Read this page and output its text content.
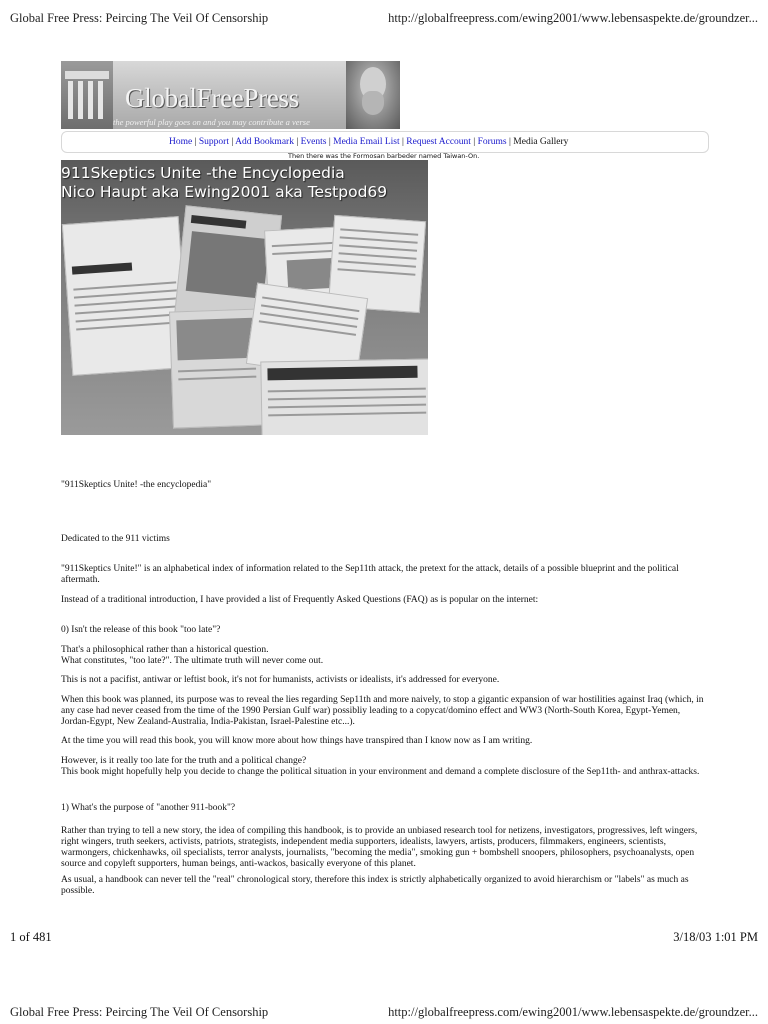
Global Free Press: Peircing The Veil Of Censorship	http://globalfreepress.com/ewing2001/www.lebensaspekte.de/groundzer...
GlobalFreePress
the powerful play goes on and you may contribute a verse
Home | Support | Add Bookmark | Events | Media Email List | Request Account | Forums | Media Gallery
Then there was the Formosan barbeder named Taiwan-On.
911Skeptics Unite -the Encyclopedia
Nico Haupt aka Ewing2001 aka Testpod69
"911Skeptics Unite! -the encyclopedia"
Dedicated to the 911 victims
"911Skeptics Unite!" is an alphabetical index of information related to the Sep11th attack, the pretext for the attack, details of a possible blueprint and the political aftermath.
Instead of a traditional introduction, I have provided a list of Frequently Asked Questions (FAQ) as is popular on the internet:
0) Isn't the release of this book "too late"?
That's a philosophical rather than a historical question.
What constitutes, "too late?". The ultimate truth will never come out.
This is not a pacifist, antiwar or leftist book, it's not for humanists, activists or idealists, it's addressed for everyone.
When this book was planned, its purpose was to reveal the lies regarding Sep11th and more naively, to stop a gigantic expansion of war hostilities against Iraq (which, in any case had never ceased from the time of the 1990 Persian Gulf war) possibliy leading to a copycat/domino effect and WW3 (North-South Korea, Egypt-Yemen, Jordan-Egypt, New Zealand-Australia, India-Pakistan, Israel-Palestine etc...).
At the time you will read this book, you will know more about how things have transpired than I know now as I am writing.
However, is it really too late for the truth and a political change?
This book might hopefully help you decide to change the political situation in your environment and demand a complete disclosure of the Sep11th- and anthrax-attacks.
1) What's the purpose of "another 911-book"?
Rather than trying to tell a new story, the idea of compiling this handbook, is to provide an unbiased research tool for netizens, investigators, progressives, left wingers, right wingers, truth seekers, activists, patriots, strategists, independent media supporters, idealists, lawyers, artists, producers, filmmakers, engineers, scientists, warmongers, chickenhawks, oil specialists, terror analysts, journalists, "becoming the media", smoking gun + bombshell snoopers, philosophers, psychoanalysts, open source and copyleft supporters, human beings, anti-wackos, basically everyone of this planet.
As usual, a handbook can never tell the "real" chronological story, therefore this index is strictly alphabetically organized to avoid hierarchism or "labels" as much as possible.
1 of 481	3/18/03 1:01 PM
Global Free Press: Peircing The Veil Of Censorship	http://globalfreepress.com/ewing2001/www.lebensaspekte.de/groundzer...
